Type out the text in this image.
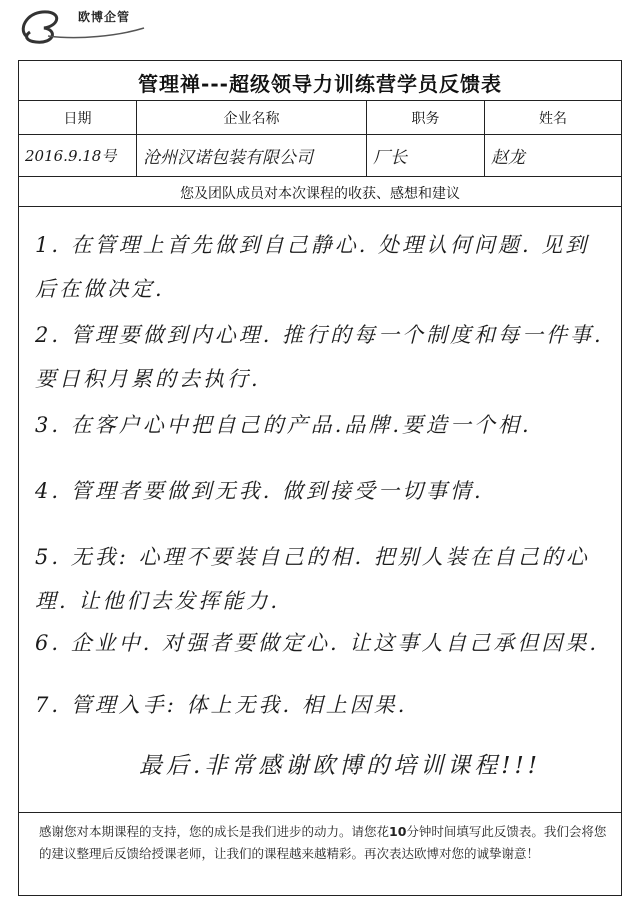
欧博企管
管理禅---超级领导力训练营学员反馈表
日期	企业名称	职务	姓名
2016.9.18号	沧州汉诺包装有限公司	厂长	赵龙
您及团队成员对本次课程的收获、感想和建议
1. 在管理上首先做到自己静心. 处理认何问题. 见到后在做决定.
2. 管理要做到内心理. 推行的每一个制度和每一件事.要日积月累的去执行.
3. 在客户心中把自己的产品.品牌.要造一个相.
4. 管理者要做到无我. 做到接受一切事情.
5. 无我: 心理不要装自己的相. 把别人装在自己的心理. 让他们去发挥能力.
6. 企业中. 对强者要做定心. 让这事人自己承但因果.
7. 管理入手: 体上无我. 相上因果.
最后.非常感谢欧博的培训课程!!!
感谢您对本期课程的支持，您的成长是我们进步的动力。请您花10分钟时间填写此反馈表。我们会将您的建议整理后反馈给授课老师，让我们的课程越来越精彩。再次表达欧博对您的诚挚谢意！
